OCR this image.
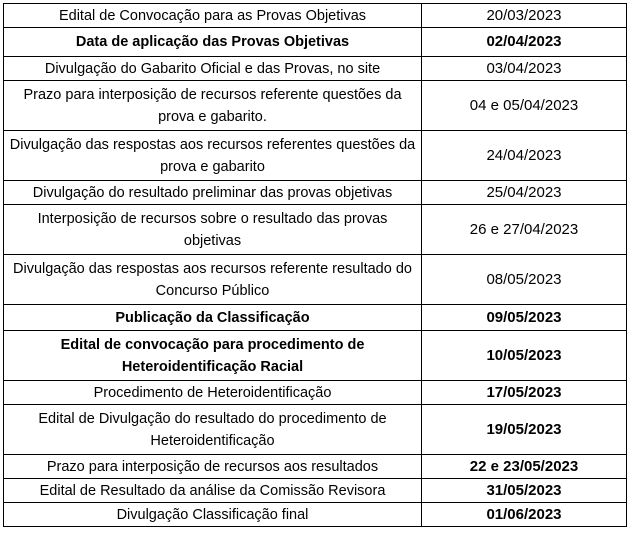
Edital de Convocação para as Provas Objetivas	20/03/2023
Data de aplicação das Provas Objetivas	02/04/2023
Divulgação do Gabarito Oficial e das Provas, no site	03/04/2023
Prazo para interposição de recursos referente questões da prova e gabarito.	04 e 05/04/2023
Divulgação das respostas aos recursos referentes questões da prova e gabarito	24/04/2023
Divulgação do resultado preliminar das provas objetivas	25/04/2023
Interposição de recursos sobre o resultado das provas objetivas	26 e 27/04/2023
Divulgação das respostas aos recursos referente resultado do Concurso Público	08/05/2023
Publicação da Classificação	09/05/2023
Edital de convocação para procedimento de Heteroidentificação Racial	10/05/2023
Procedimento de Heteroidentificação	17/05/2023
Edital de Divulgação do resultado do procedimento de Heteroidentificação	19/05/2023
Prazo para interposição de recursos aos resultados	22 e 23/05/2023
Edital de Resultado da análise da Comissão Revisora	31/05/2023
Divulgação Classificação final	01/06/2023
